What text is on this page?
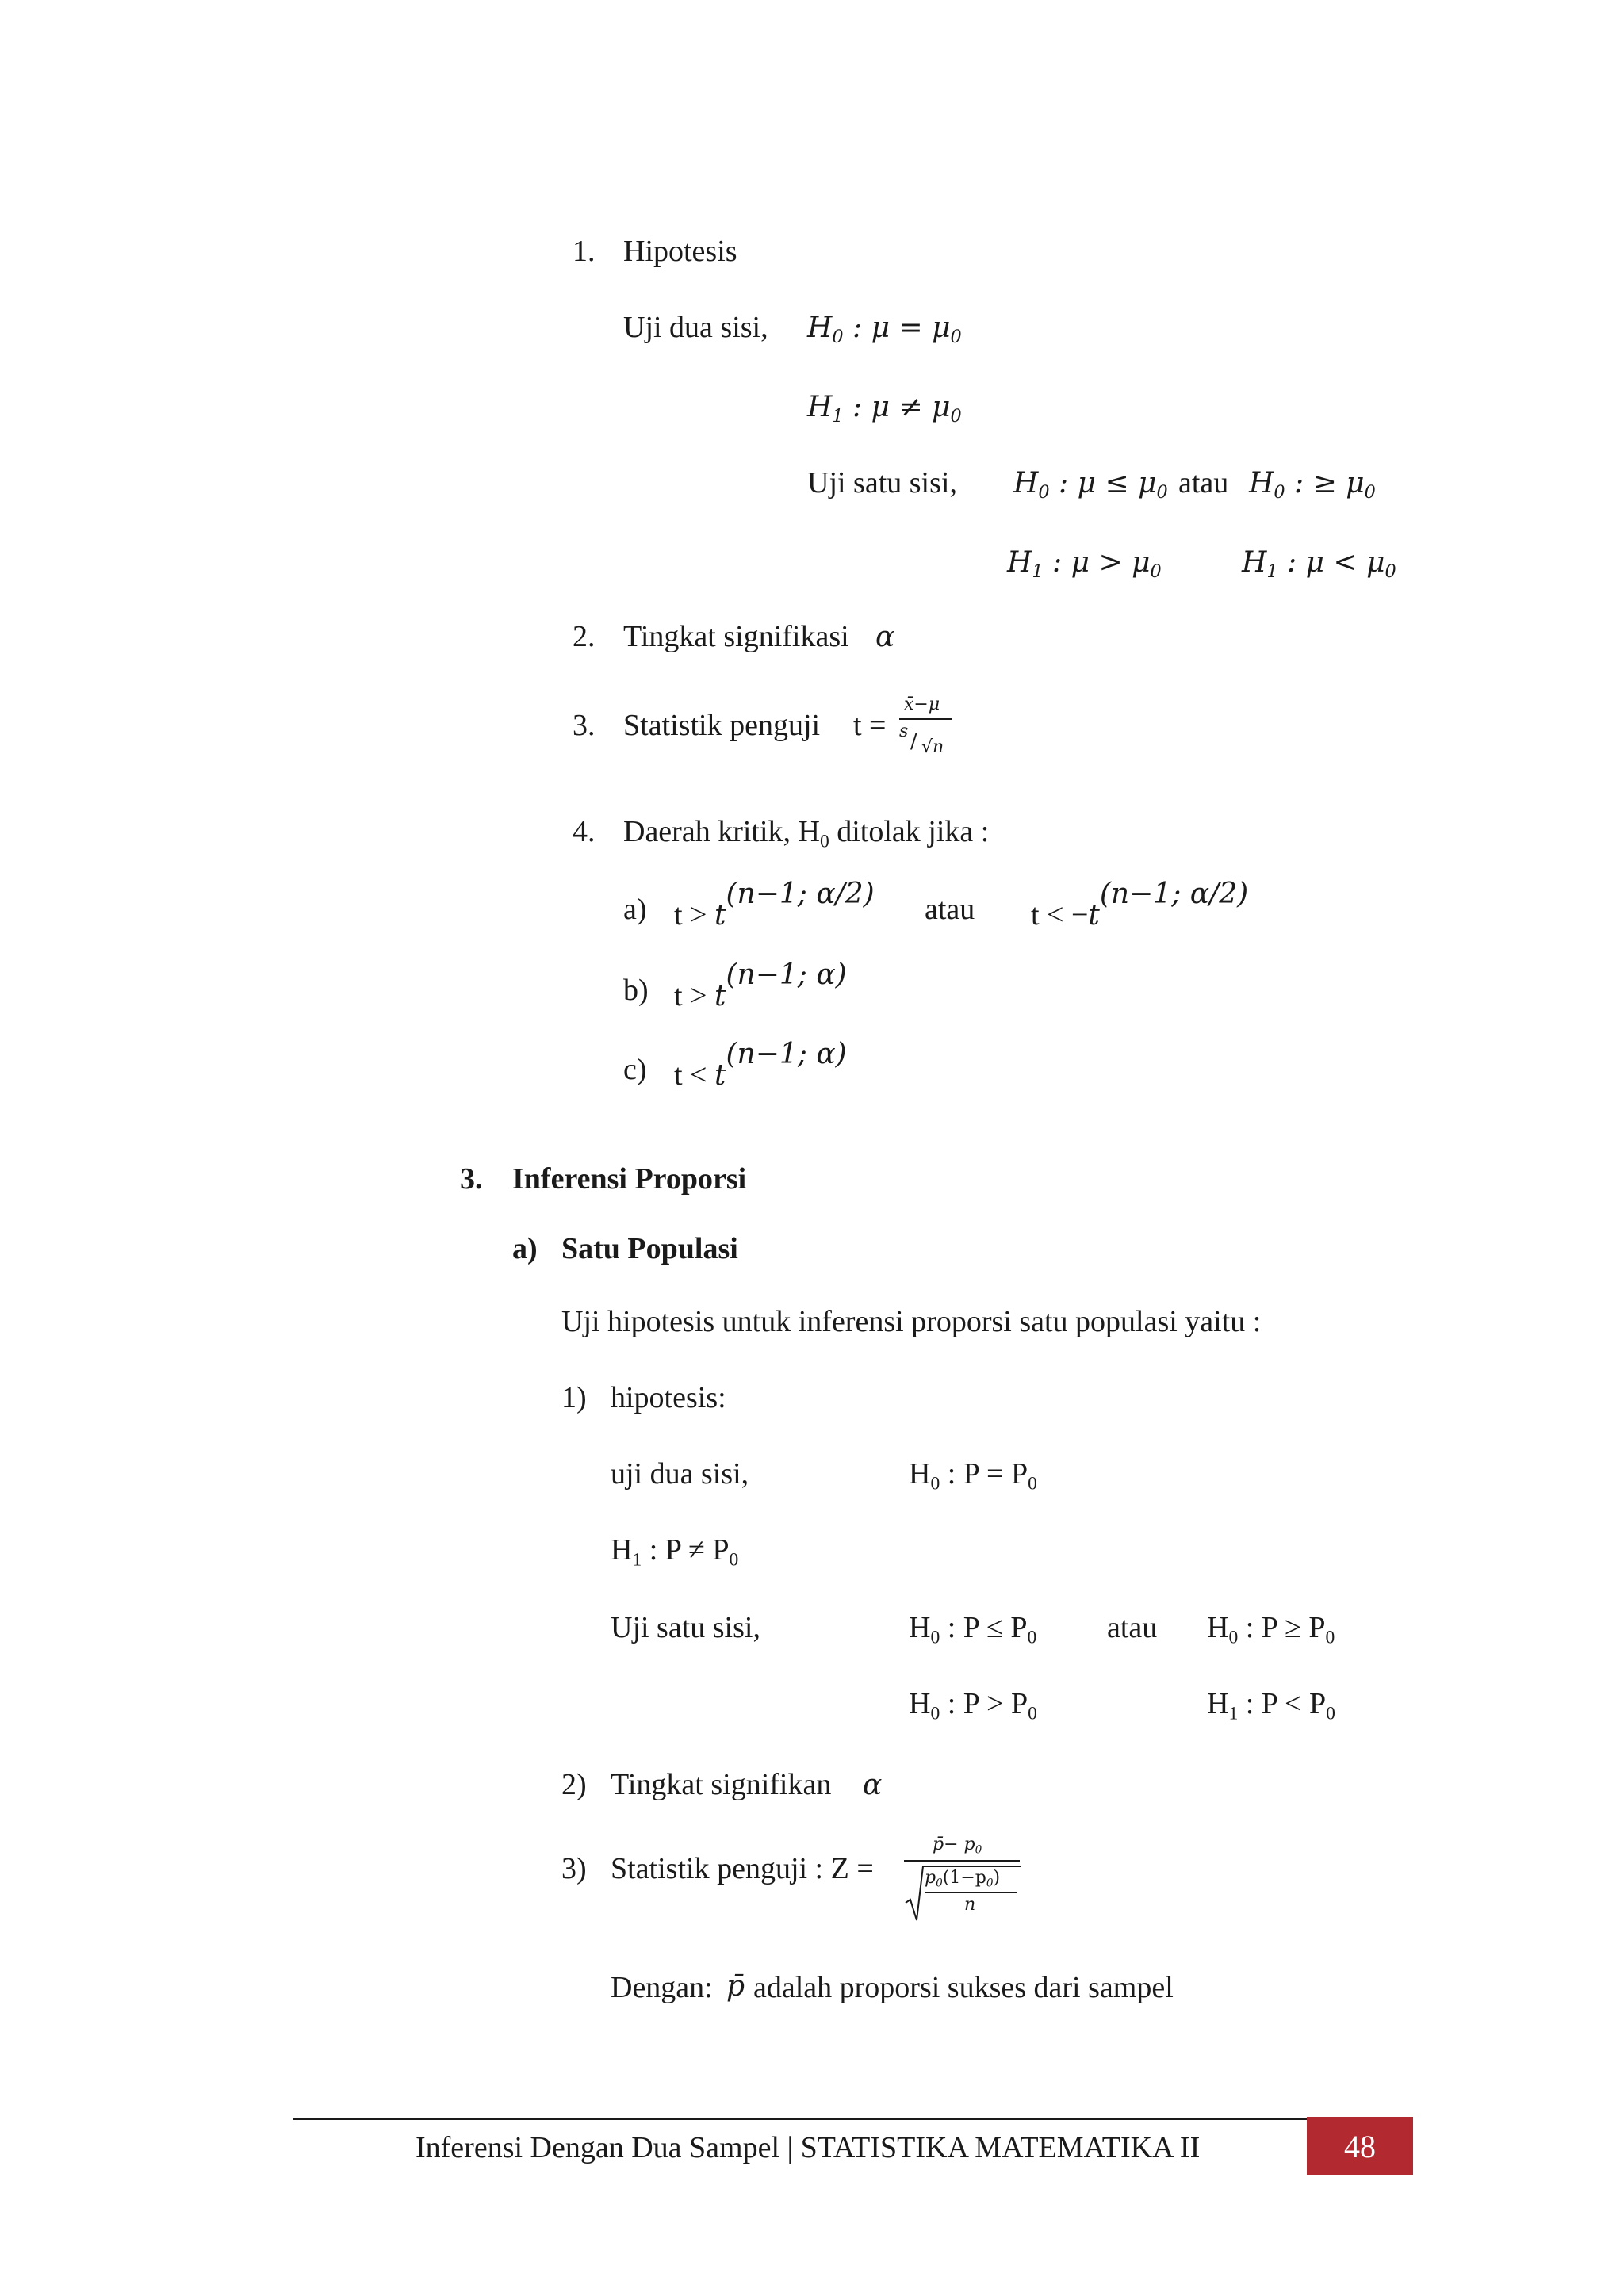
1. Hipotesis
Uji dua sisi, $H_0$ : $\mu = \mu_0$
$H_1$ : $\mu \ne \mu_0$
Uji satu sisi, $H_0$ : $\mu \le \mu_0$ atau $H_0$ : ≥ $\mu_0$
$H_1$ : $\mu > \mu_0$	$H_1$ : $\mu < \mu_0$
2. Tingkat signifikasi α
3. Statistik penguji t =
x̄−μ
s / √n
4. Daerah kritik, $H_0$ ditolak jika :
a) $t > t^{(n-1; \alpha/2)}$ atau $t < -t^{(n-1; \alpha/2)}$
b) $t > t^{(n-1; \alpha)}$
c) $t < t^{(n-1; \alpha)}$
3. Inferensi Proporsi
a) Satu Populasi
Uji hipotesis untuk inferensi proporsi satu populasi yaitu :
1) hipotesis:
uji dua sisi,	$H_0$ : $P = P_0$
$H_1$ : $P \ne P_0$
Uji satu sisi,	$H_0$ : $P \le P_0$ atau $H_0$ : $P \ge P_0$
$H_0$ : $P > P_0$	$H_1$ : $P < P_0$
2) Tingkat signifikan α
3) Statistik penguji : Z =
p̄− $p_0$
$p_0(1-p_0)$
n
Dengan: p̄ adalah proporsi sukses dari sampel
Inferensi Dengan Dua Sampel | STATISTIKA MATEMATIKA II	48
